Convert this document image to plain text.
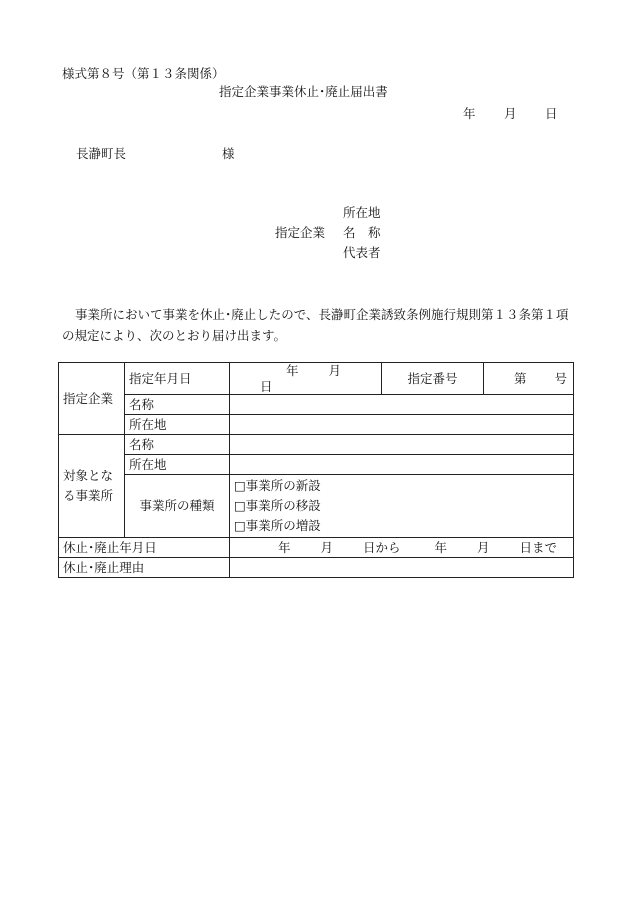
様式第８号（第１３条関係）
指定企業事業休止･廃止届出書
年 月 日
長瀞町長	様
所在地
指定企業 名　称
代表者
事業所において事業を休止･廃止したので、長瀞町企業誘致条例施行規則第１３条第１項の規定により、次のとおり届け出ます。
指定企業	指定年月日	年 月 日	指定番号	第 号
	名称			
	所在地			
対象となる事業所	名称			
	所在地			
	事業所の種類	□事業所の新設
□事業所の移設
□事業所の増設		

休止･廃止年月日		年 月 日から 年 月 日まで		
休止･廃止理由				
